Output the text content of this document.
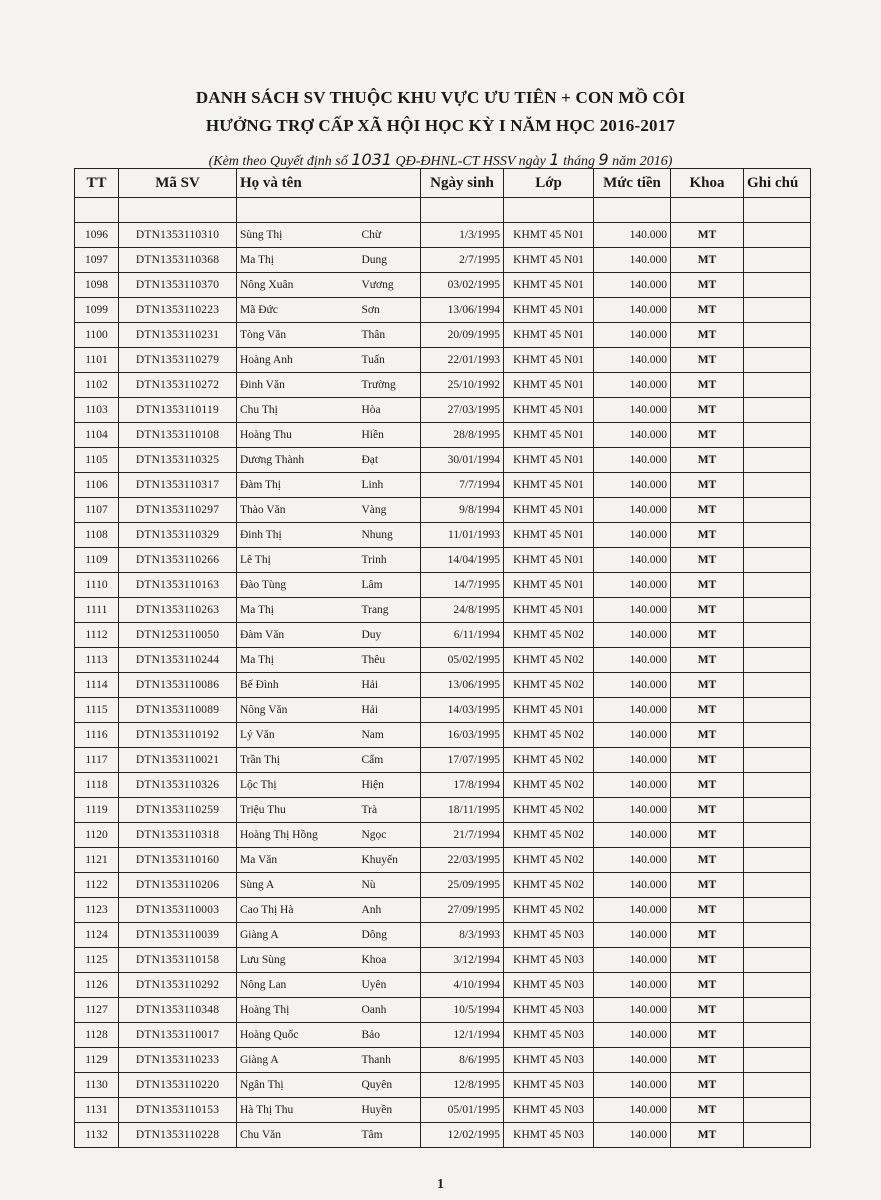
DANH SÁCH SV THUỘC KHU VỰC ƯU TIÊN + CON MỒ CÔI
HƯỞNG TRỢ CẤP XÃ HỘI HỌC KỲ I NĂM HỌC 2016-2017
(Kèm theo Quyết định số 1031 QĐ-ĐHNL-CT HSSV ngày 1 tháng 9 năm 2016)
TT	Mã SV	Họ và tên		Ngày sinh	Lớp	Mức tiền	Khoa	Ghi chú

1096	DTN1353110310	Sùng Thị	Chừ	1/3/1995	KHMT 45 N01	140.000	MT	
1097	DTN1353110368	Ma Thị	Dung	2/7/1995	KHMT 45 N01	140.000	MT	
1098	DTN1353110370	Nông Xuân	Vương	03/02/1995	KHMT 45 N01	140.000	MT	
1099	DTN1353110223	Mã Đức	Sơn	13/06/1994	KHMT 45 N01	140.000	MT	
1100	DTN1353110231	Tòng Văn	Thân	20/09/1995	KHMT 45 N01	140.000	MT	
1101	DTN1353110279	Hoàng Anh	Tuấn	22/01/1993	KHMT 45 N01	140.000	MT	
1102	DTN1353110272	Đinh Văn	Trường	25/10/1992	KHMT 45 N01	140.000	MT	
1103	DTN1353110119	Chu Thị	Hòa	27/03/1995	KHMT 45 N01	140.000	MT	
1104	DTN1353110108	Hoàng Thu	Hiền	28/8/1995	KHMT 45 N01	140.000	MT	
1105	DTN1353110325	Dương Thành	Đạt	30/01/1994	KHMT 45 N01	140.000	MT	
1106	DTN1353110317	Đàm Thị	Linh	7/7/1994	KHMT 45 N01	140.000	MT	
1107	DTN1353110297	Thào Văn	Vàng	9/8/1994	KHMT 45 N01	140.000	MT	
1108	DTN1353110329	Đinh Thị	Nhung	11/01/1993	KHMT 45 N01	140.000	MT	
1109	DTN1353110266	Lê Thị	Trinh	14/04/1995	KHMT 45 N01	140.000	MT	
1110	DTN1353110163	Đào Tùng	Lâm	14/7/1995	KHMT 45 N01	140.000	MT	
1111	DTN1353110263	Ma Thị	Trang	24/8/1995	KHMT 45 N01	140.000	MT	
1112	DTN1253110050	Đàm Văn	Duy	6/11/1994	KHMT 45 N02	140.000	MT	
1113	DTN1353110244	Ma Thị	Thêu	05/02/1995	KHMT 45 N02	140.000	MT	
1114	DTN1353110086	Bế Đình	Hải	13/06/1995	KHMT 45 N02	140.000	MT	
1115	DTN1353110089	Nông Văn	Hải	14/03/1995	KHMT 45 N01	140.000	MT	
1116	DTN1353110192	Lý Văn	Nam	16/03/1995	KHMT 45 N02	140.000	MT	
1117	DTN1353110021	Trần Thị	Cẩm	17/07/1995	KHMT 45 N02	140.000	MT	
1118	DTN1353110326	Lộc Thị	Hiện	17/8/1994	KHMT 45 N02	140.000	MT	
1119	DTN1353110259	Triệu Thu	Trà	18/11/1995	KHMT 45 N02	140.000	MT	
1120	DTN1353110318	Hoàng Thị Hồng	Ngọc	21/7/1994	KHMT 45 N02	140.000	MT	
1121	DTN1353110160	Ma Văn	Khuyến	22/03/1995	KHMT 45 N02	140.000	MT	
1122	DTN1353110206	Sùng A	Nù	25/09/1995	KHMT 45 N02	140.000	MT	
1123	DTN1353110003	Cao Thị Hà	Anh	27/09/1995	KHMT 45 N02	140.000	MT	
1124	DTN1353110039	Giàng A	Dông	8/3/1993	KHMT 45 N03	140.000	MT	
1125	DTN1353110158	Lưu Sùng	Khoa	3/12/1994	KHMT 45 N03	140.000	MT	
1126	DTN1353110292	Nông Lan	Uyên	4/10/1994	KHMT 45 N03	140.000	MT	
1127	DTN1353110348	Hoàng Thị	Oanh	10/5/1994	KHMT 45 N03	140.000	MT	
1128	DTN1353110017	Hoàng Quốc	Bảo	12/1/1994	KHMT 45 N03	140.000	MT	
1129	DTN1353110233	Giàng A	Thanh	8/6/1995	KHMT 45 N03	140.000	MT	
1130	DTN1353110220	Ngân Thị	Quyên	12/8/1995	KHMT 45 N03	140.000	MT	
1131	DTN1353110153	Hà Thị Thu	Huyền	05/01/1995	KHMT 45 N03	140.000	MT	
1132	DTN1353110228	Chu Văn	Tâm	12/02/1995	KHMT 45 N03	140.000	MT	
1
